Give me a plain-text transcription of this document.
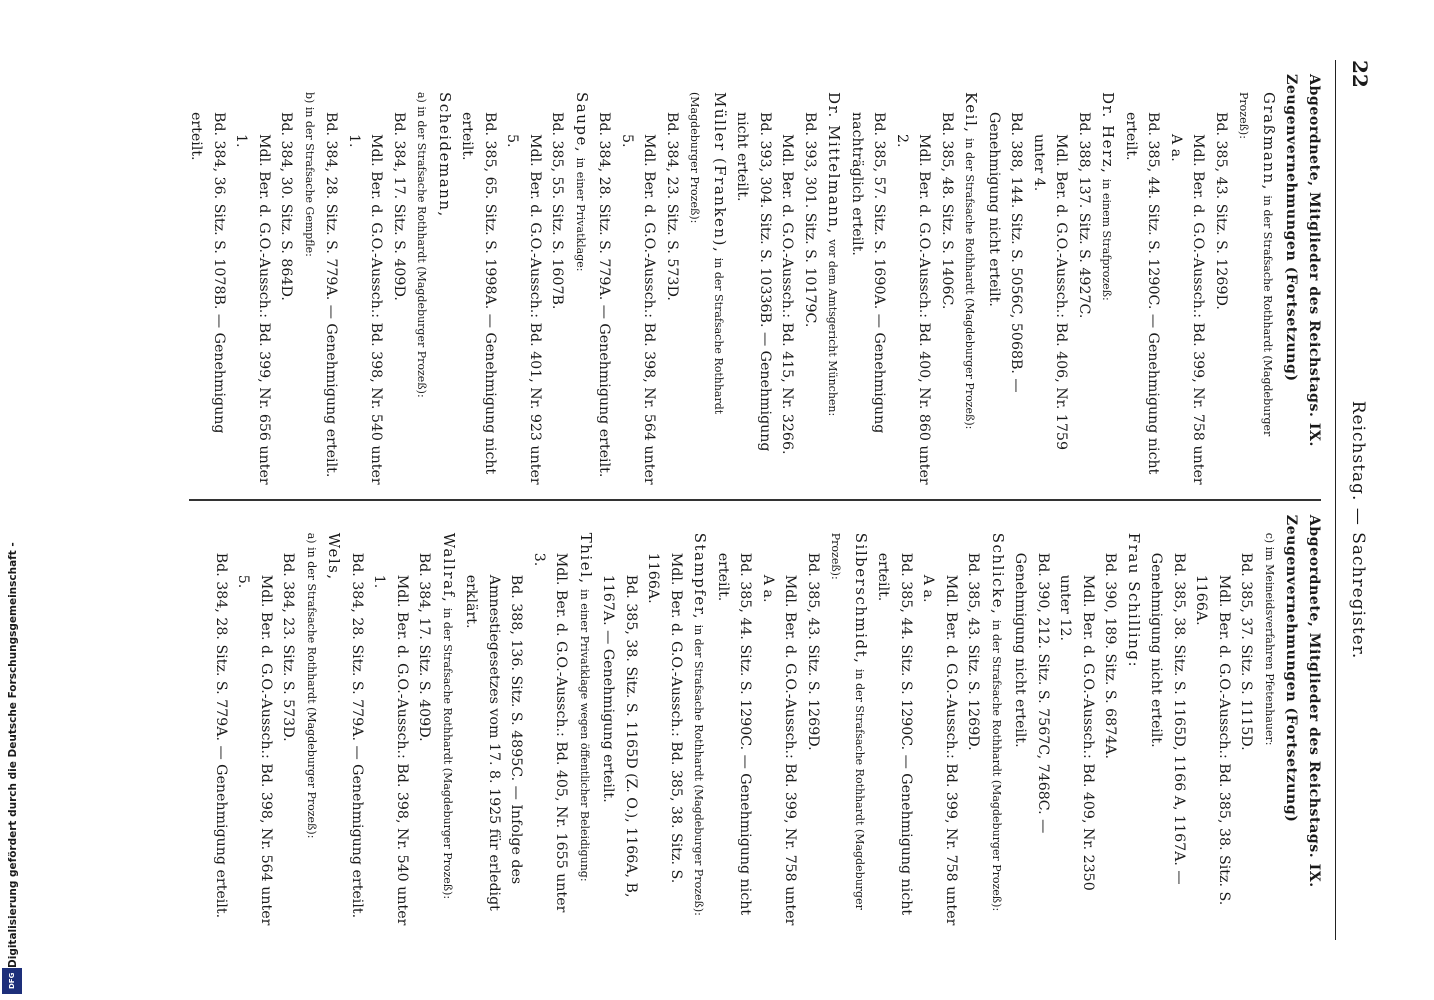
22
Reichstag. — Sachregister.
Abgeordnete, Mitglieder des Reichstags. IX. Zeugenvernehmungen (Fortsetzung)
Graßmann, in der Strafsache Rothhardt (Magdeburger Prozeß):
Bd. 385, 43. Sitz. S. 1269D.
Mdl. Ber. d. G.O.-Aussch.: Bd. 399, Nr. 758 unter A a.
Bd. 385, 44. Sitz. S. 1290C. — Genehmigung nicht erteilt.
Dr. Herz, in einem Strafprozeß:
Bd. 388, 137. Sitz. S. 4927C.
Mdl. Ber. d. G.O.-Aussch.: Bd. 406, Nr. 1759 unter 4.
Bd. 388, 144. Sitz. S. 5056C, 5068B. — Genehmigung nicht erteilt.
Keil, in der Strafsache Rothhardt (Magdeburger Prozeß):
Bd. 385, 48. Sitz. S. 1406C.
Mdl. Ber. d. G.O.-Aussch.: Bd. 400, Nr. 860 unter 2.
Bd. 385, 57. Sitz. S. 1690A. — Genehmigung nachträglich erteilt.
Dr. Mittelmann, vor dem Amtsgericht München:
Bd. 393, 301. Sitz. S. 10179C.
Mdl. Ber. d. G.O.-Aussch.: Bd. 415, Nr. 3266.
Bd. 393, 304. Sitz. S. 10336B. — Genehmigung nicht erteilt.
Müller (Franken), in der Strafsache Rothhardt (Magdeburger Prozeß):
Bd. 384, 23. Sitz. S. 573D.
Mdl. Ber. d. G.O.-Aussch.: Bd. 398, Nr. 564 unter 5.
Bd. 384, 28. Sitz. S. 779A. — Genehmigung erteilt.
Saupe, in einer Privatklage:
Bd. 385, 55. Sitz. S. 1607B.
Mdl. Ber. d. G.O.-Aussch.: Bd. 401, Nr. 923 unter 5.
Bd. 385, 65. Sitz. S. 1998A. — Genehmigung nicht erteilt.
Scheidemann,
a) in der Strafsache Rothhardt (Magdeburger Prozeß):
Bd. 384, 17. Sitz. S. 409D.
Mdl. Ber. d. G.O.-Aussch.: Bd. 398, Nr. 540 unter 1.
Bd. 384, 28. Sitz. S. 779A. — Genehmigung erteilt.
b) in der Strafsache Gempfle:
Bd. 384, 30. Sitz. S. 864D.
Mdl. Ber. d. G.O.-Aussch.: Bd. 399, Nr. 656 unter 1.
Bd. 384, 36. Sitz. S. 1078B. — Genehmigung erteilt.
Abgeordnete, Mitglieder des Reichstags. IX. Zeugenvernehmungen (Fortsetzung)
c) im Meineidsverfahren Pfetenhauer:
Bd. 385, 37. Sitz. S. 1115D.
Mdl. Ber. d. G.O.-Aussch.: Bd. 385, 38. Sitz. S. 1166A.
Bd. 385, 38. Sitz. S. 1165D, 1166 A, 1167A. — Genehmigung nicht erteilt.
Frau Schilling:
Bd. 390, 189. Sitz. S. 6874A.
Mdl. Ber. d. G.O.-Aussch.: Bd. 409, Nr. 2350 unter 12.
Bd. 390, 212. Sitz. S. 7567C, 7468C. — Genehmigung nicht erteilt.
Schlicke, in der Strafsache Rothhardt (Magdeburger Prozeß):
Bd. 385, 43. Sitz. S. 1269D.
Mdl. Ber. d. G.O.-Aussch.: Bd. 399, Nr. 758 unter A a.
Bd. 385, 44. Sitz. S. 1290C. — Genehmigung nicht erteilt.
Silberschmidt, in der Strafsache Rothhardt (Magdeburger Prozeß):
Bd. 385, 43. Sitz. S. 1269D.
Mdl. Ber. d. G.O.-Aussch.: Bd. 399, Nr. 758 unter A a.
Bd. 385, 44. Sitz. S. 1290C. — Genehmigung nicht erteilt.
Stampfer, in der Strafsache Rothhardt (Magdeburger Prozeß):
Mdl. Ber. d. G.O.-Aussch.: Bd. 385, 38. Sitz. S. 1166A.
Bd. 385, 38. Sitz. S. 1165D (Z. O.), 1166A, B, 1167A. — Genehmigung erteilt.
Thiel, in einer Privatklage wegen öffentlicher Beleidigung:
Mdl. Ber. d. G.O.-Aussch.: Bd. 405, Nr. 1655 unter 3.
Bd. 388, 136. Sitz. S. 4895C. — Infolge des Amnestiegesetzes vom 17. 8. 1925 für erledigt erklärt.
Wallraf, in der Strafsache Rothhardt (Magdeburger Prozeß):
Bd. 384, 17. Sitz. S. 409D.
Mdl. Ber. d. G.O.-Aussch.: Bd. 398, Nr. 540 unter 1.
Bd. 384, 28. Sitz. S. 779A. — Genehmigung erteilt.
Wels,
a) in der Strafsache Rothhardt (Magdeburger Prozeß):
Bd. 384, 23. Sitz. S. 573D.
Mdl. Ber. d. G.O.-Aussch.: Bd. 398, Nr. 564 unter 5.
Bd. 384, 28. Sitz. S. 779A. — Genehmigung erteilt.
Digitalisierung gefördert durch die Deutsche Forschungsgemeinschaft -
DFG
